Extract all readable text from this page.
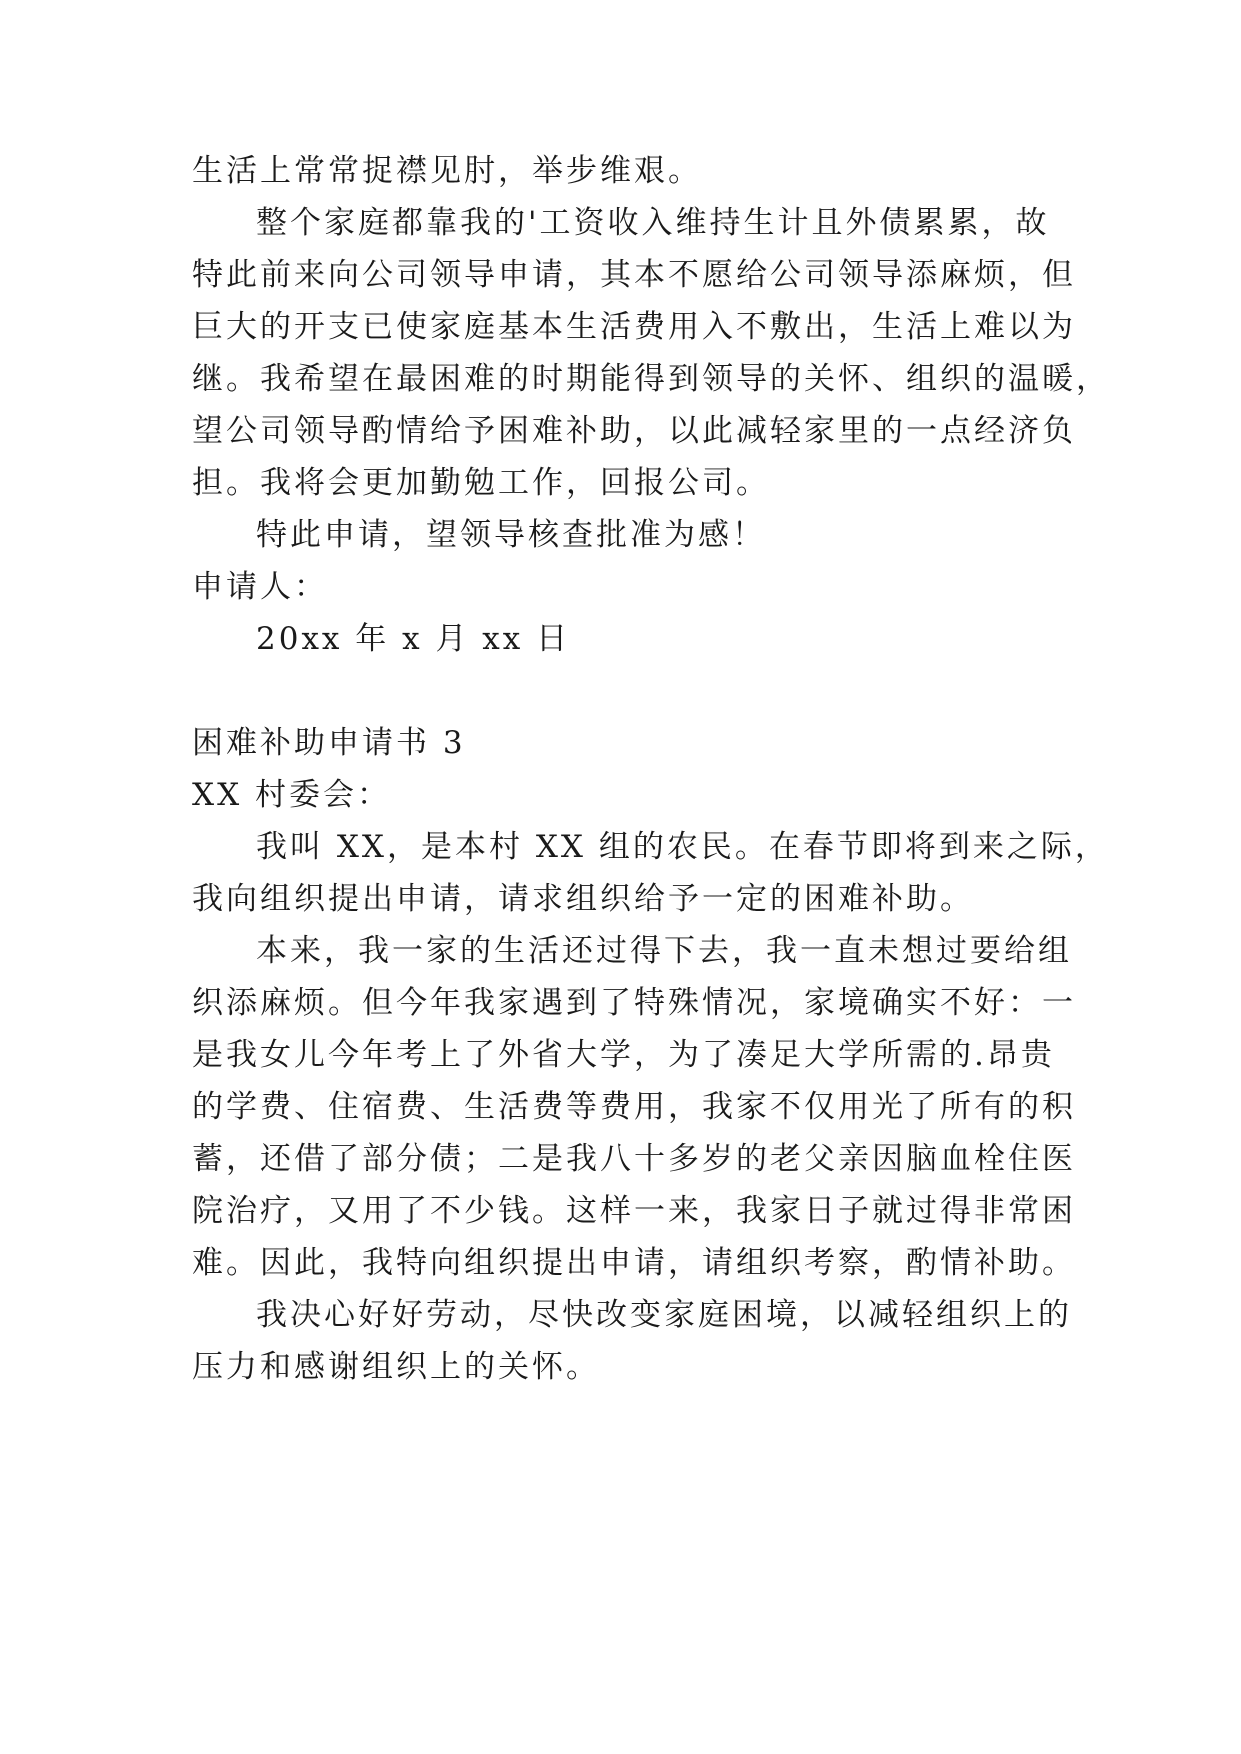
生活上常常捉襟见肘，举步维艰。
整个家庭都靠我的'工资收入维持生计且外债累累，故
特此前来向公司领导申请，其本不愿给公司领导添麻烦，但
巨大的开支已使家庭基本生活费用入不敷出，生活上难以为
继。我希望在最困难的时期能得到领导的关怀、组织的温暖，
望公司领导酌情给予困难补助，以此减轻家里的一点经济负
担。我将会更加勤勉工作，回报公司。
特此申请，望领导核查批准为感！
申请人：
20xx 年 x 月 xx 日
困难补助申请书 3
XX 村委会：
我叫 XX，是本村 XX 组的农民。在春节即将到来之际，
我向组织提出申请，请求组织给予一定的困难补助。
本来，我一家的生活还过得下去，我一直未想过要给组
织添麻烦。但今年我家遇到了特殊情况，家境确实不好：一
是我女儿今年考上了外省大学，为了凑足大学所需的.昂贵
的学费、住宿费、生活费等费用，我家不仅用光了所有的积
蓄，还借了部分债；二是我八十多岁的老父亲因脑血栓住医
院治疗，又用了不少钱。这样一来，我家日子就过得非常困
难。因此，我特向组织提出申请，请组织考察，酌情补助。
我决心好好劳动，尽快改变家庭困境，以减轻组织上的
压力和感谢组织上的关怀。
